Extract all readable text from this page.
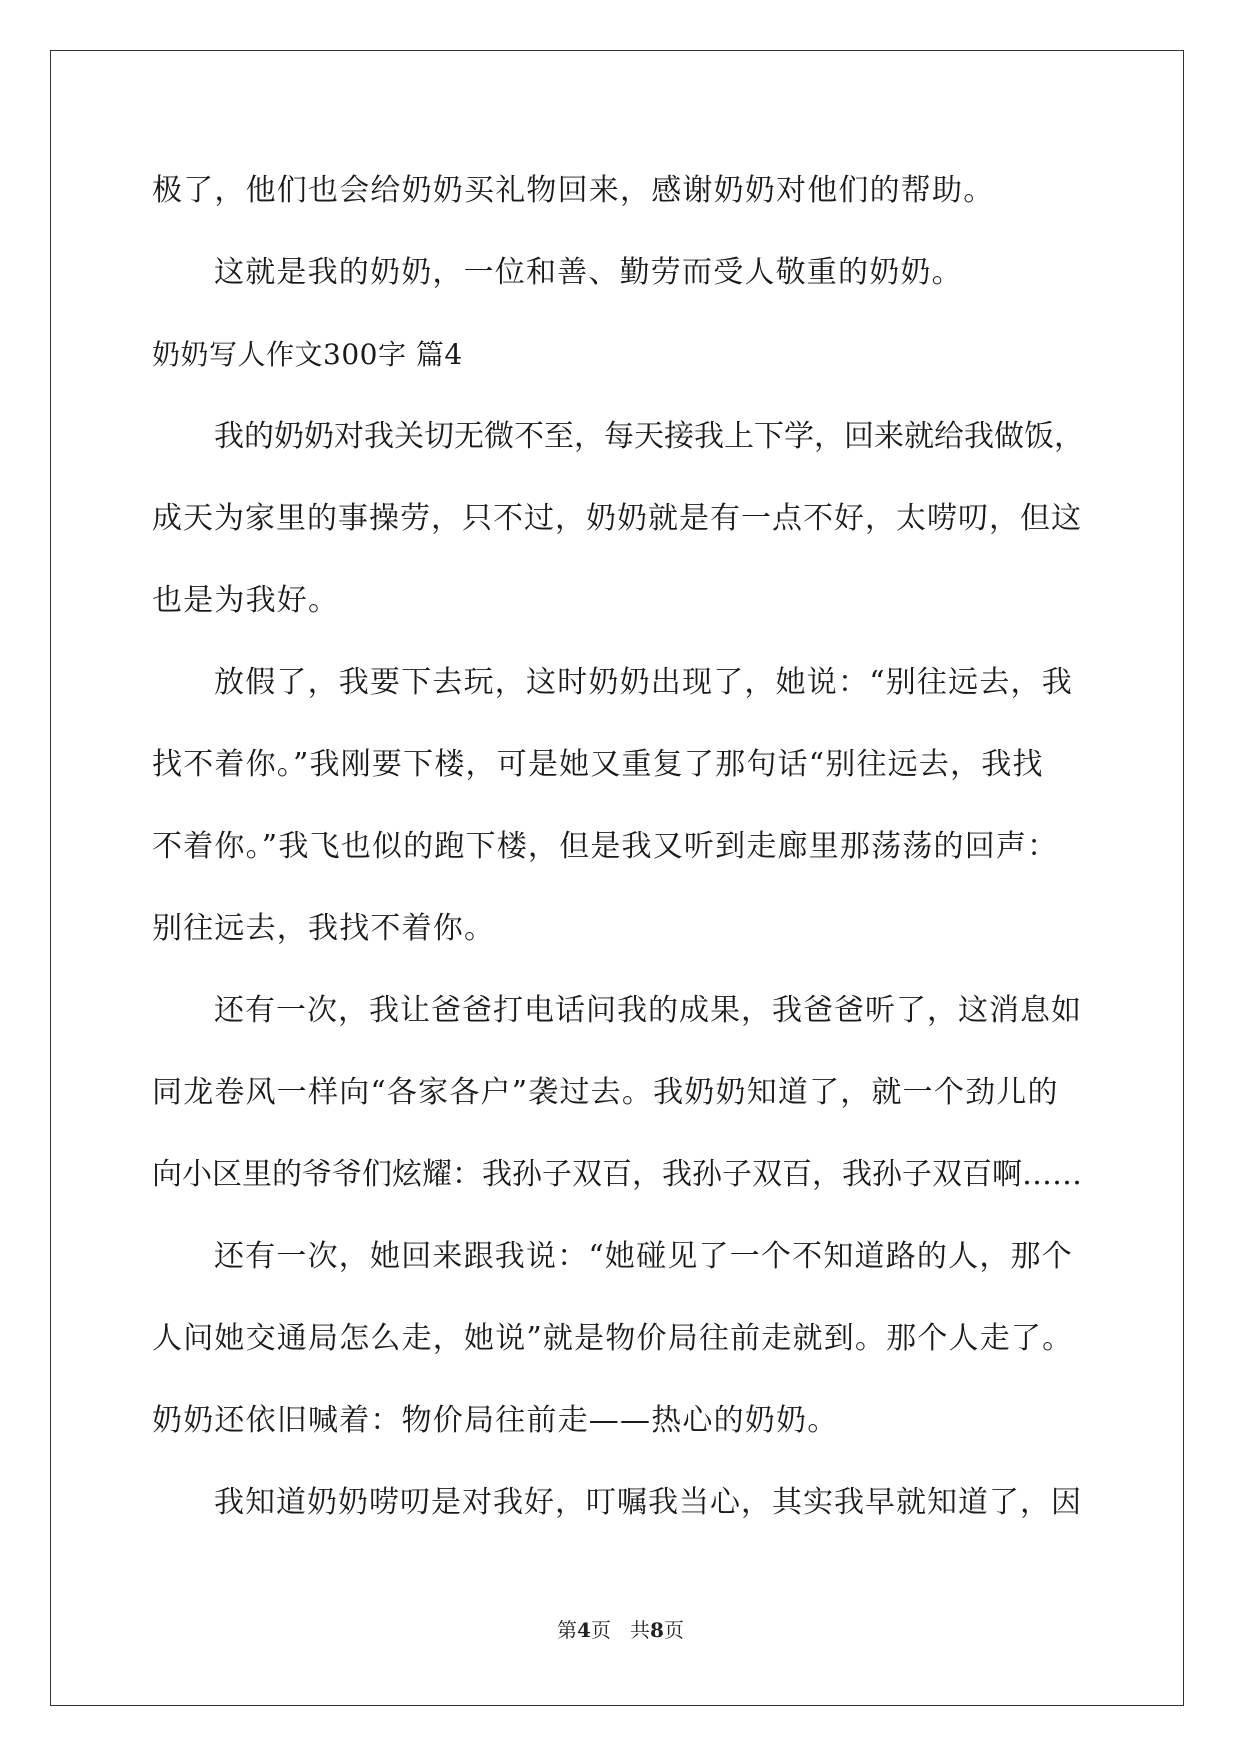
极了，他们也会给奶奶买礼物回来，感谢奶奶对他们的帮助。
这就是我的奶奶，一位和善、勤劳而受人敬重的奶奶。
奶奶写人作文300字 篇4
我的奶奶对我关切无微不至，每天接我上下学，回来就给我做饭，
成天为家里的事操劳，只不过，奶奶就是有一点不好，太唠叨，但这
也是为我好。
放假了，我要下去玩，这时奶奶出现了，她说：“别往远去，我
找不着你。”我刚要下楼，可是她又重复了那句话“别往远去，我找
不着你。”我飞也似的跑下楼，但是我又听到走廊里那荡荡的回声：
别往远去，我找不着你。
还有一次，我让爸爸打电话问我的成果，我爸爸听了，这消息如
同龙卷风一样向“各家各户”袭过去。我奶奶知道了，就一个劲儿的
向小区里的爷爷们炫耀：我孙子双百，我孙子双百，我孙子双百啊……
还有一次，她回来跟我说：“她碰见了一个不知道路的人，那个
人问她交通局怎么走，她说”就是物价局往前走就到。那个人走了。
奶奶还依旧喊着：物价局往前走——热心的奶奶。
我知道奶奶唠叨是对我好，叮嘱我当心，其实我早就知道了，因
第4页 共8页
